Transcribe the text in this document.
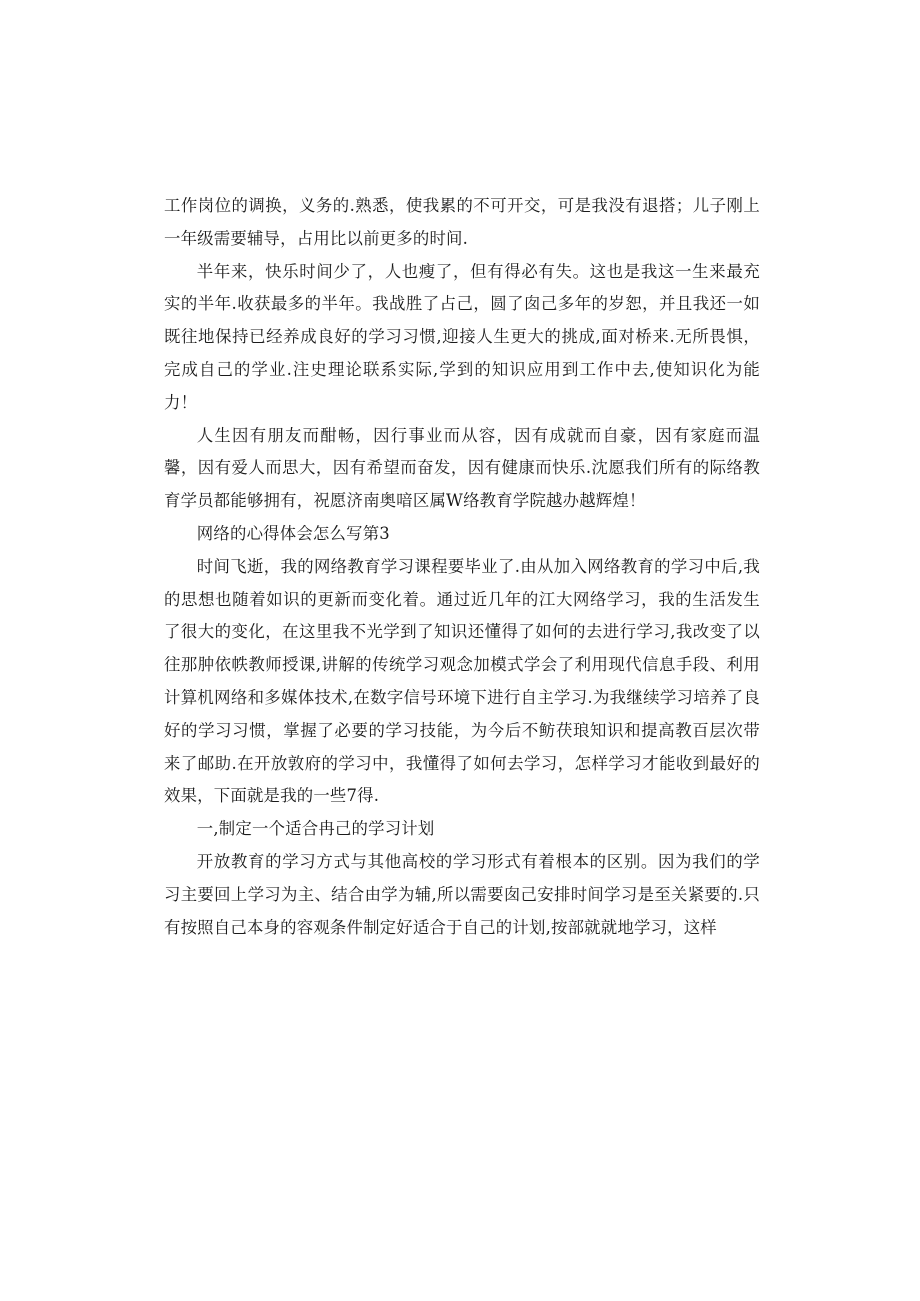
工作岗位的调换，义务的.熟悉，使我累的不可开交，可是我没有退搭；儿子刚上一年级需要辅导，占用比以前更多的时间.

半年来，快乐时间少了，人也瘦了，但有得必有失。这也是我这一生来最充实的半年.收获最多的半年。我战胜了占己，圆了囱己多年的岁恕，并且我还一如既往地保持已经养成良好的学习习惯,迎接人生更大的挑成,面对桥来.无所畏惧，完成自己的学业.注史理论联系实际,学到的知识应用到工作中去,使知识化为能力！

人生因有朋友而酣畅，因行事业而从容，因有成就而自豪，因有家庭而温馨，因有爱人而思大，因有希望而奋发，因有健康而快乐.沈愿我们所有的际络教育学员都能够拥有，祝愿济南奥喑区属W络教育学院越办越辉煌！

网络的心得体会怎么写第3

时间飞逝，我的网络教育学习课程要毕业了.由从加入网络教育的学习中后,我的思想也随着如识的更新而变化着。通过近几年的江大网络学习，我的生活发生了很大的变化，在这里我不光学到了知识还懂得了如何的去进行学习,我改变了以往那肿依帙教师授课,讲解的传统学习观念加模式学会了利用现代信息手段、利用计算机网络和多媒体技术,在数字信号环境下进行自主学习.为我继续学习培养了良好的学习习惯，掌握了必要的学习技能，为今后不鲂茯琅知识和提高教百层次带来了邮助.在开放敦府的学习中，我懂得了如何去学习，怎样学习才能收到最好的效果，下面就是我的一些7得.

一,制定一个适合冉己的学习计划

开放教育的学习方式与其他高校的学习形式有着根本的区别。因为我们的学习主要回上学习为主、结合由学为辅,所以需要囱己安排时间学习是至关紧要的.只有按照自己本身的容观条件制定好适合于自己的计划,按部就就地学习，这样
